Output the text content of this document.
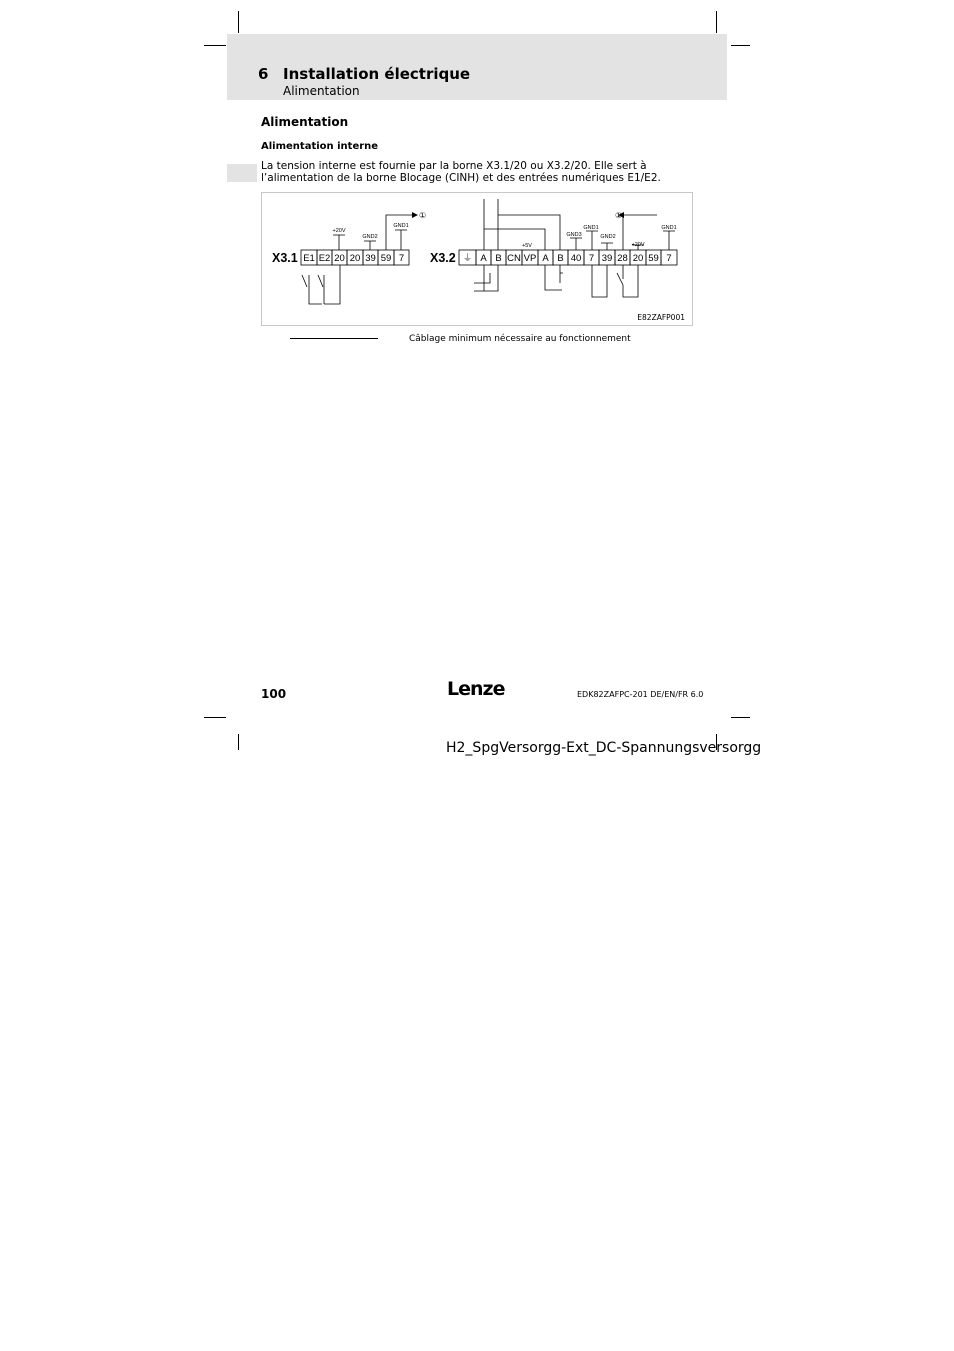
6 Installation électrique
Alimentation
Alimentation
Alimentation interne
La tension interne est fournie par la borne X3.1/20 ou X3.2/20. Elle sert à l’alimentation de la borne Blocage (CINH) et des entrées numériques E1/E2.
X3.1 E1 E2 20 20 39 59 7
+20V
GND2
GND1
①
X3.2 ⏚ A B CN VP A B 40 7 39 28 20 59 7
+5V
GND3
GND1
GND2
+20V
GND1
①
E82ZAFP001
Câblage minimum nécessaire au fonctionnement
100	Lenze	EDK82ZAFPC-201 DE/EN/FR 6.0
H2_SpgVersorgg-Ext_DC-Spannungsversorgg
